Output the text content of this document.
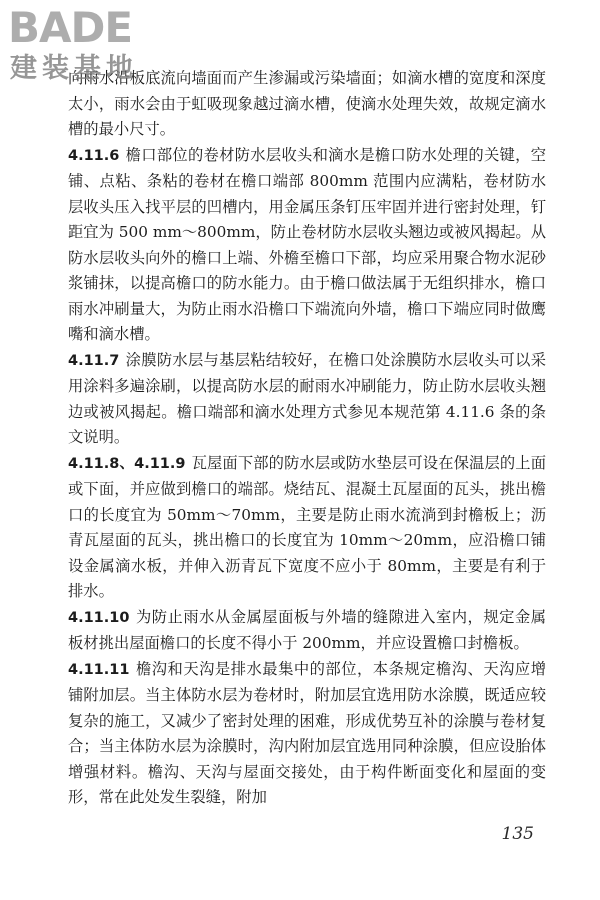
BADE
建装基地

向雨水沿板底流向墙面而产生渗漏或污染墙面；如滴水槽的宽度和深度太小，雨水会由于虹吸现象越过滴水槽，使滴水处理失效，故规定滴水槽的最小尺寸。

4.11.6 檐口部位的卷材防水层收头和滴水是檐口防水处理的关键，空铺、点粘、条粘的卷材在檐口端部 800mm 范围内应满粘，卷材防水层收头压入找平层的凹槽内，用金属压条钉压牢固并进行密封处理，钉距宜为 500 mm～800mm，防止卷材防水层收头翘边或被风揭起。从防水层收头向外的檐口上端、外檐至檐口下部，均应采用聚合物水泥砂浆铺抹，以提高檐口的防水能力。由于檐口做法属于无组织排水，檐口雨水冲刷量大，为防止雨水沿檐口下端流向外墙，檐口下端应同时做鹰嘴和滴水槽。

4.11.7 涂膜防水层与基层粘结较好，在檐口处涂膜防水层收头可以采用涂料多遍涂刷，以提高防水层的耐雨水冲刷能力，防止防水层收头翘边或被风揭起。檐口端部和滴水处理方式参见本规范第 4.11.6 条的条文说明。

4.11.8、4.11.9 瓦屋面下部的防水层或防水垫层可设在保温层的上面或下面，并应做到檐口的端部。烧结瓦、混凝土瓦屋面的瓦头，挑出檐口的长度宜为 50mm～70mm，主要是防止雨水流淌到封檐板上；沥青瓦屋面的瓦头，挑出檐口的长度宜为 10mm～20mm，应沿檐口铺设金属滴水板，并伸入沥青瓦下宽度不应小于 80mm，主要是有利于排水。

4.11.10 为防止雨水从金属屋面板与外墙的缝隙进入室内，规定金属板材挑出屋面檐口的长度不得小于 200mm，并应设置檐口封檐板。

4.11.11 檐沟和天沟是排水最集中的部位，本条规定檐沟、天沟应增铺附加层。当主体防水层为卷材时，附加层宜选用防水涂膜，既适应较复杂的施工，又减少了密封处理的困难，形成优势互补的涂膜与卷材复合；当主体防水层为涂膜时，沟内附加层宜选用同种涂膜，但应设胎体增强材料。檐沟、天沟与屋面交接处，由于构件断面变化和屋面的变形，常在此处发生裂缝，附加

135
